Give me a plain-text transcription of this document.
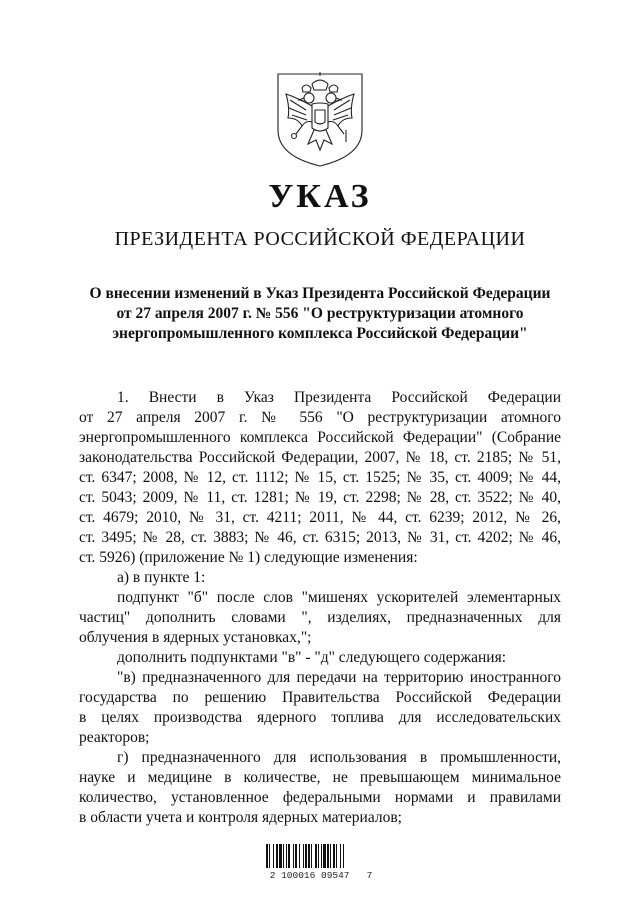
УКАЗ
ПРЕЗИДЕНТА РОССИЙСКОЙ ФЕДЕРАЦИИ
О внесении изменений в Указ Президента Российской Федерации
от 27 апреля 2007 г. № 556 "О реструктуризации атомного
энергопромышленного комплекса Российской Федерации"

1. Внести в Указ Президента Российской Федерации
от 27 апреля 2007 г. № 556 "О реструктуризации атомного
энергопромышленного комплекса Российской Федерации" (Собрание
законодательства Российской Федерации, 2007, № 18, ст. 2185; № 51,
ст. 6347; 2008, № 12, ст. 1112; № 15, ст. 1525; № 35, ст. 4009; № 44,
ст. 5043; 2009, № 11, ст. 1281; № 19, ст. 2298; № 28, ст. 3522; № 40,
ст. 4679; 2010, № 31, ст. 4211; 2011, № 44, ст. 6239; 2012, № 26,
ст. 3495; № 28, ст. 3883; № 46, ст. 6315; 2013, № 31, ст. 4202; № 46,
ст. 5926) (приложение № 1) следующие изменения:

а) в пункте 1:

подпункт "б" после слов "мишенях ускорителей элементарных
частиц" дополнить словами ", изделиях, предназначенных для
облучения в ядерных установках,";

дополнить подпунктами "в" - "д" следующего содержания:

"в) предназначенного для передачи на территорию иностранного
государства по решению Правительства Российской Федерации
в целях производства ядерного топлива для исследовательских
реакторов;

г) предназначенного для использования в промышленности,
науке и медицине в количестве, не превышающем минимальное
количество, установленное федеральными нормами и правилами
в области учета и контроля ядерных материалов;

2 100016 09547   7
